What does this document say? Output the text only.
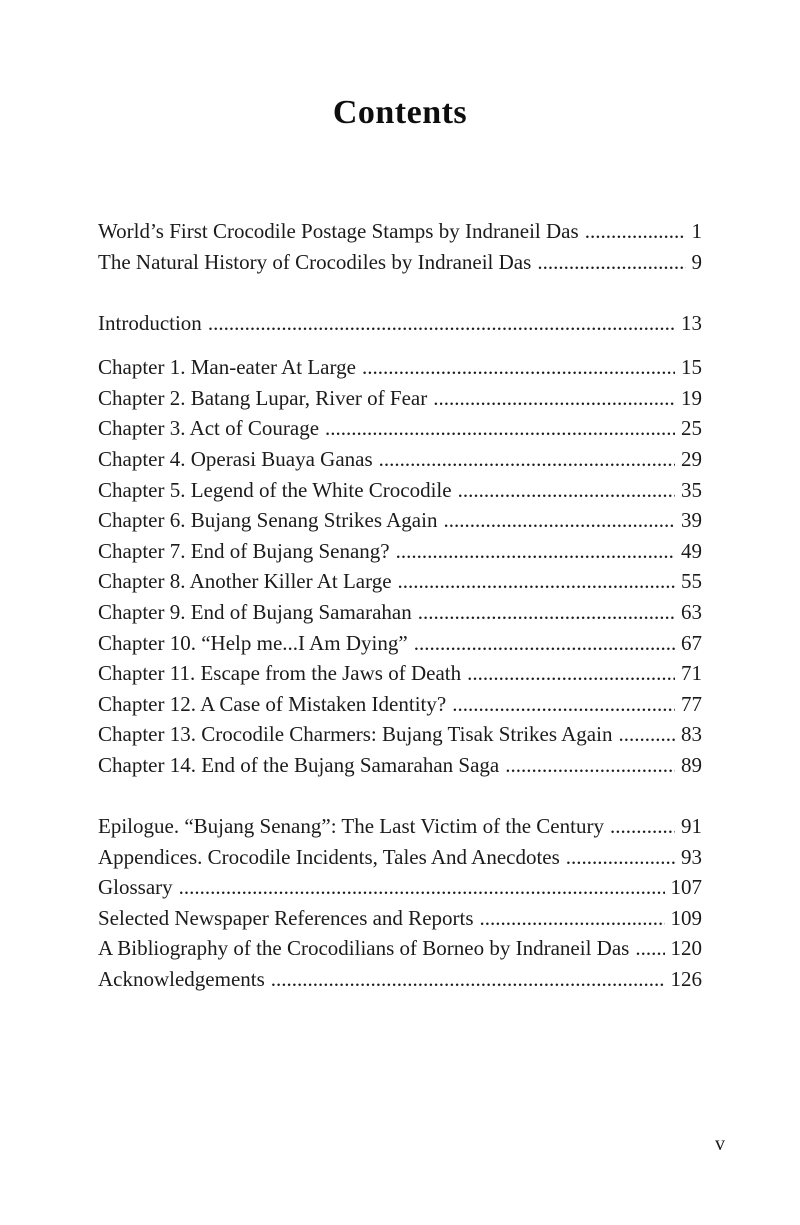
Contents
World’s First Crocodile Postage Stamps by Indraneil Das .....	1
The Natural History of Crocodiles by Indraneil Das .....	9
Introduction .....	13
Chapter 1. Man-eater At Large .....	15
Chapter 2. Batang Lupar, River of Fear .....	19
Chapter 3. Act of Courage .....	25
Chapter 4. Operasi Buaya Ganas .....	29
Chapter 5. Legend of the White Crocodile .....	35
Chapter 6. Bujang Senang Strikes Again .....	39
Chapter 7. End of Bujang Senang? .....	49
Chapter 8. Another Killer At Large .....	55
Chapter 9. End of Bujang Samarahan .....	63
Chapter 10. “Help me...I Am Dying” .....	67
Chapter 11. Escape from the Jaws of Death .....	71
Chapter 12. A Case of Mistaken Identity? .....	77
Chapter 13. Crocodile Charmers: Bujang Tisak Strikes Again .....	83
Chapter 14. End of the Bujang Samarahan Saga .....	89
Epilogue. “Bujang Senang”: The Last Victim of the Century .....	91
Appendices. Crocodile Incidents, Tales And Anecdotes .....	93
Glossary .....	107
Selected Newspaper References and Reports .....	109
A Bibliography of the Crocodilians of Borneo by Indraneil Das ..... 120
Acknowledgements .....	126
v
